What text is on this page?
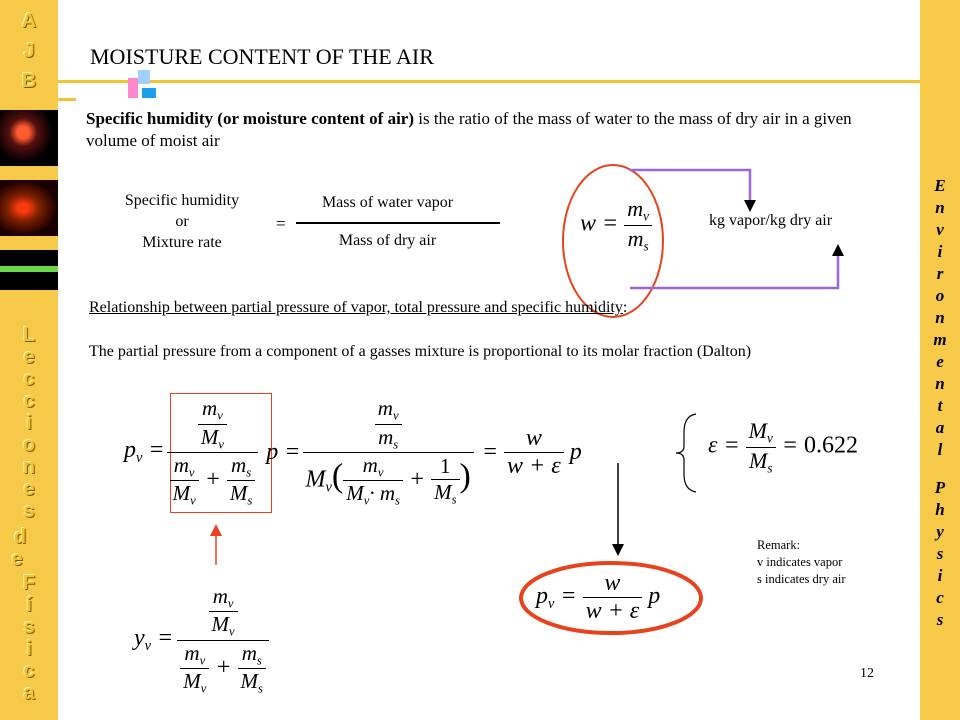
A
J
B
L
e
c
c
i
o
n
e
s
d
e
F
í
s
i
c
a
E
n
v
i
r
o
n
m
e
n
t
a
l
P
h
y
s
i
c
s
MOISTURE CONTENT OF THE AIR
Specific humidity (or moisture content of air) is the ratio of the mass of water to the mass of dry air in a given volume of moist air
Specific humidity
or
Mixture rate
=
Mass of water vapor
Mass of dry air
$w = \frac{m_v}{m_s}$	kg vapor/kg dry air
Relationship between partial pressure of vapor, total pressure and specific humidity:
The partial pressure from a component of a gasses mixture is proportional to its molar fraction (Dalton)
$p_v = \frac{\frac{m_v}{M_v}}{\frac{m_v}{M_v} + \frac{m_s}{M_s}}$ $p = \frac{\frac{m_v}{m_s}}{M_v( \frac{m_v}{M_v\cdot m_s} + \frac{1}{M_s} )} = \frac{w}{w + \varepsilon}$ p	$\varepsilon = \frac{M_v}{M_s} = 0.622$
$p_v = \frac{w}{w + \varepsilon}$ p
$y_v = \frac{\frac{m_v}{M_v}}{\frac{m_v}{M_v} + \frac{m_s}{M_s}}$
Remark:
v indicates vapor
s indicates dry air
12
